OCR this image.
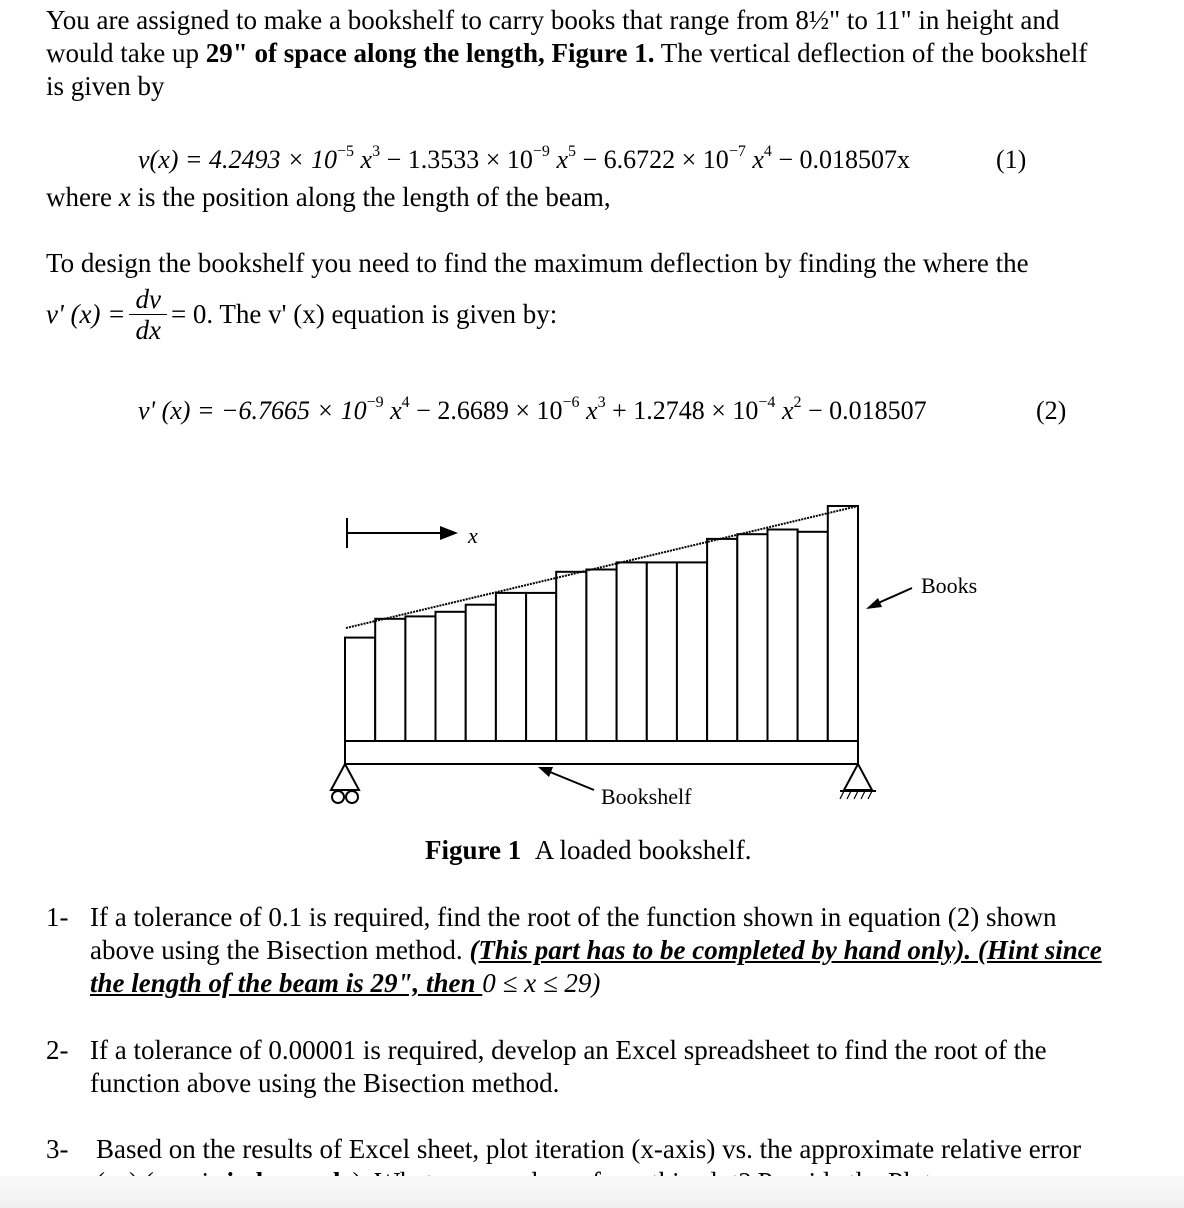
You are assigned to make a bookshelf to carry books that range from 8½" to 11" in height and
would take up 29" of space along the length, Figure 1. The vertical deflection of the bookshelf
is given by
$v(x) = 4.2493 \times 10^{-5}$ $x^3 - 1.3533 \times 10^{-9}$ $x^5 - 6.6722 \times 10^{-7}$ $x^4 - 0.018507x$	(1)
where x is the position along the length of the beam,
To design the bookshelf you need to find the maximum deflection by finding the where the
v' $(x) = \frac{dv}{dx} = 0$. The v' (x) equation is given by:
v' $(x) = -6.7665 \times 10^{-9}$ $x^4 - 2.6689 \times 10^{-6}$ $x^3 + 1.2748 \times 10^{-4}$ $x^2 - 0.018507$	(2)
x
Books
Bookshelf
Figure 1 A loaded bookshelf.
1- If a tolerance of 0.1 is required, find the root of the function shown in equation (2) shown
above using the Bisection method. (This part has to be completed by hand only). (Hint since
the length of the beam is 29", then 0 ≤ x ≤ 29)
2- If a tolerance of 0.00001 is required, develop an Excel spreadsheet to find the root of the
function above using the Bisection method.
3- Based on the results of Excel sheet, plot iteration (x-axis) vs. the approximate relative error
